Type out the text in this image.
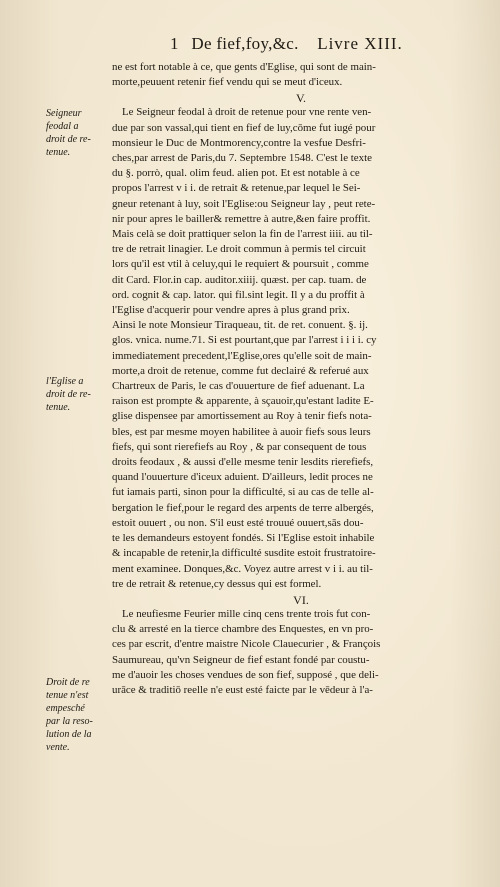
1 De fief,foy,&c. Livre XIII.
Seigneur
feodal a
droit de re-
tenue.
l'Eglise a
droit de re-
tenue.
Droit de re
tenue n'est
empesché
par la reso-
lution de la
vente.
ne est fort notable à ce, que gents d'Eglise, qui sont de main-
morte,peuuent retenir fief vendu qui se meut d'iceux.
V.
Le Seigneur feodal à droit de retenue pour vne rente ven-
due par son vassal,qui tient en fief de luy,cōme fut iugé pour
monsieur le Duc de Montmorency,contre la vesfue Desfri-
ches,par arrest de Paris,du 7. Septembre 1548. C'est le texte
du §. porrò, qual. olim feud. alien pot. Et est notable à ce
propos l'arrest v i i. de retrait & retenue,par lequel le Sei-
gneur retenant à luy, soit l'Eglise:ou Seigneur lay , peut rete-
nir pour apres le bailler& remettre à autre,&en faire proffit.
Mais celà se doit prattiquer selon la fin de l'arrest iiii. au til-
tre de retrait linagier. Le droit commun à permis tel circuit
lors qu'il est vtil à celuy,qui le requiert & poursuit , comme
dit Card. Flor.in cap. auditor.xiiij. quæst. per cap. tuam. de
ord. cognit & cap. lator. qui fil.sint legit. Il y a du proffit à
l'Eglise d'acquerir pour vendre apres à plus grand prix.
Ainsi le note Monsieur Tiraqueau, tit. de ret. conuent. §. ij.
glos. vnica. nume.71. Si est pourtant,que par l'arrest i i i i. cy
immediatement precedent,l'Eglise,ores qu'elle soit de main-
morte,a droit de retenue, comme fut declairé & referué aux
Chartreux de Paris, le cas d'ouuerture de fief aduenant. La
raison est prompte & apparente, à sçauoir,qu'estant ladite E-
glise dispensee par amortissement au Roy à tenir fiefs nota-
bles, est par mesme moyen habilitee à auoir fiefs sous leurs
fiefs, qui sont rierefiefs au Roy , & par consequent de tous
droits feodaux , & aussi d'elle mesme tenir lesdits rierefiefs,
quand l'ouuerture d'iceux aduient. D'ailleurs, ledit proces ne
fut iamais parti, sinon pour la difficulté, si au cas de telle al-
bergation le fief,pour le regard des arpents de terre albergés,
estoit ouuert , ou non. S'il eust esté trouué ouuert,sās dou-
te les demandeurs estoyent fondés. Si l'Eglise estoit inhabile
& incapable de retenir,la difficulté susdite estoit frustratoire-
ment examinee. Donques,&c. Voyez autre arrest v i i. au til-
tre de retrait & retenue,cy dessus qui est formel.
VI.
Le neufiesme Feurier mille cinq cens trente trois fut con-
clu & arresté en la tierce chambre des Enquestes, en vn pro-
ces par escrit, d'entre maistre Nicole Clauecurier , & François
Saumureau, qu'vn Seigneur de fief estant fondé par coustu-
me d'auoir les choses vendues de son fief, supposé , que deli-
urāce & traditiō reelle n'e eust esté faicte par le vēdeur à l'a-
